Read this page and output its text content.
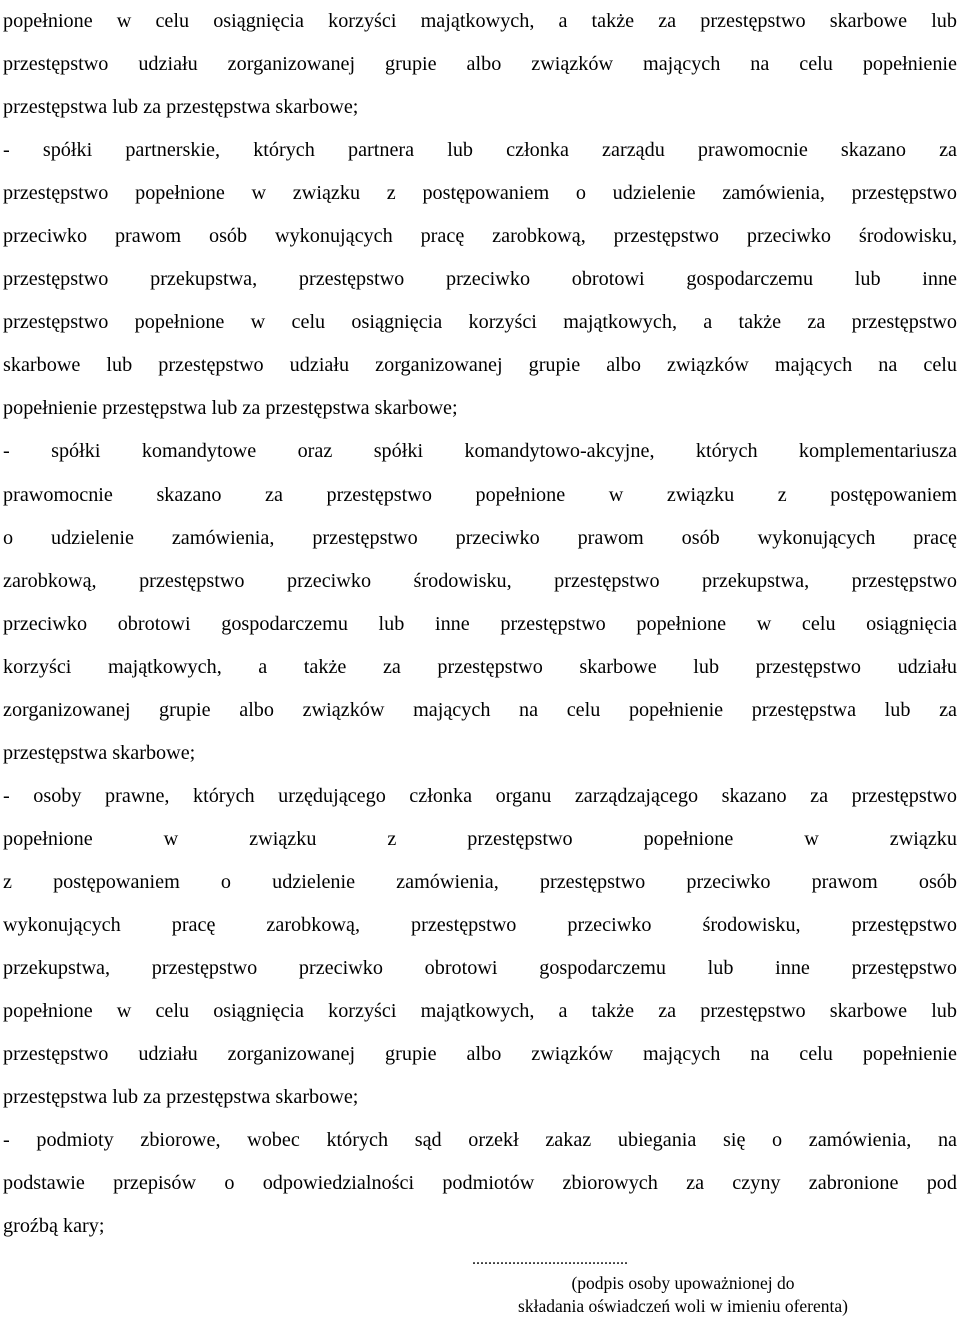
popełnione w celu osiągnięcia korzyści majątkowych, a także za przestępstwo skarbowe lub
przestępstwo udziału zorganizowanej grupie albo związków mających na celu popełnienie
przestępstwa lub za przestępstwa skarbowe;
- spółki partnerskie, których partnera lub członka zarządu prawomocnie skazano za
przestępstwo popełnione w związku z postępowaniem o udzielenie zamówienia, przestępstwo
przeciwko prawom osób wykonujących pracę zarobkową, przestępstwo przeciwko środowisku,
przestępstwo przekupstwa, przestępstwo przeciwko obrotowi gospodarczemu lub inne
przestępstwo popełnione w celu osiągnięcia korzyści majątkowych, a także za przestępstwo
skarbowe lub przestępstwo udziału zorganizowanej grupie albo związków mających na celu
popełnienie przestępstwa lub za przestępstwa skarbowe;
- spółki komandytowe oraz spółki komandytowo-akcyjne, których komplementariusza
prawomocnie skazano za przestępstwo popełnione w związku z postępowaniem
o udzielenie zamówienia, przestępstwo przeciwko prawom osób wykonujących pracę
zarobkową, przestępstwo przeciwko środowisku, przestępstwo przekupstwa, przestępstwo
przeciwko obrotowi gospodarczemu lub inne przestępstwo popełnione w celu osiągnięcia
korzyści majątkowych, a także za przestępstwo skarbowe lub przestępstwo udziału
zorganizowanej grupie albo związków mających na celu popełnienie przestępstwa lub za
przestępstwa skarbowe;
- osoby prawne, których urzędującego członka organu zarządzającego skazano za przestępstwo
popełnione w związku z przestępstwo popełnione w związku
z postępowaniem o udzielenie zamówienia, przestępstwo przeciwko prawom osób
wykonujących pracę zarobkową, przestępstwo przeciwko środowisku, przestępstwo
przekupstwa, przestępstwo przeciwko obrotowi gospodarczemu lub inne przestępstwo
popełnione w celu osiągnięcia korzyści majątkowych, a także za przestępstwo skarbowe lub
przestępstwo udziału zorganizowanej grupie albo związków mających na celu popełnienie
przestępstwa lub za przestępstwa skarbowe;
- podmioty zbiorowe, wobec których sąd orzekł zakaz ubiegania się o zamówienia, na
podstawie przepisów o odpowiedzialności podmiotów zbiorowych za czyny zabronione pod
groźbą kary;
.......................................
(podpis osoby upoważnionej do
składania oświadczeń woli w imieniu oferenta)
